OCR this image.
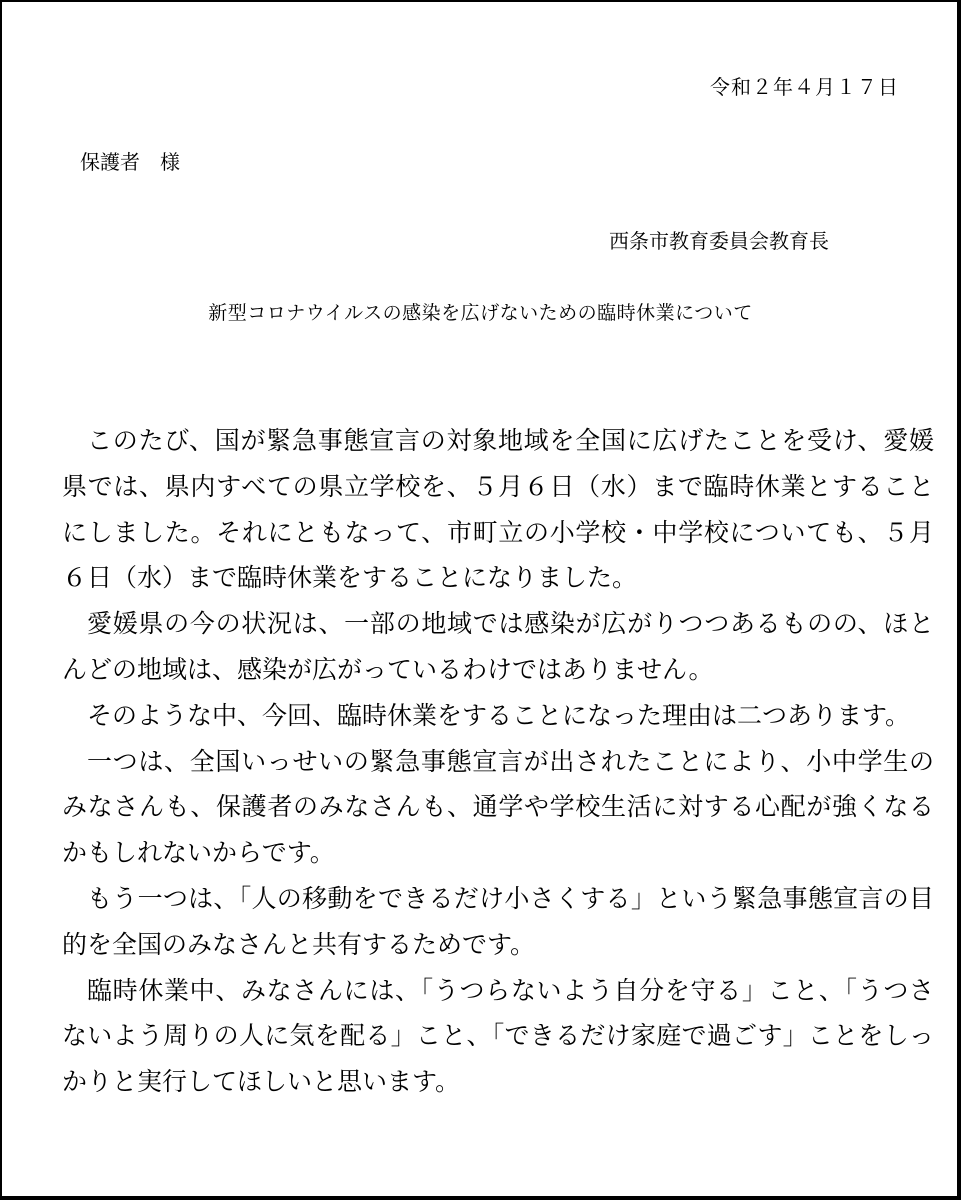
令和２年４月１７日
保護者　様
西条市教育委員会教育長
新型コロナウイルスの感染を広げないための臨時休業について

このたび、国が緊急事態宣言の対象地域を全国に広げたことを受け、愛媛県では、県内すべての県立学校を、５月６日（水）まで臨時休業とすることにしました。それにともなって、市町立の小学校・中学校についても、５月６日（水）まで臨時休業をすることになりました。

愛媛県の今の状況は、一部の地域では感染が広がりつつあるものの、ほとんどの地域は、感染が広がっているわけではありません。

そのような中、今回、臨時休業をすることになった理由は二つあります。

一つは、全国いっせいの緊急事態宣言が出されたことにより、小中学生のみなさんも、保護者のみなさんも、通学や学校生活に対する心配が強くなるかもしれないからです。

もう一つは、「人の移動をできるだけ小さくする」という緊急事態宣言の目的を全国のみなさんと共有するためです。

臨時休業中、みなさんには、「うつらないよう自分を守る」こと、「うつさないよう周りの人に気を配る」こと、「できるだけ家庭で過ごす」ことをしっかりと実行してほしいと思います。
